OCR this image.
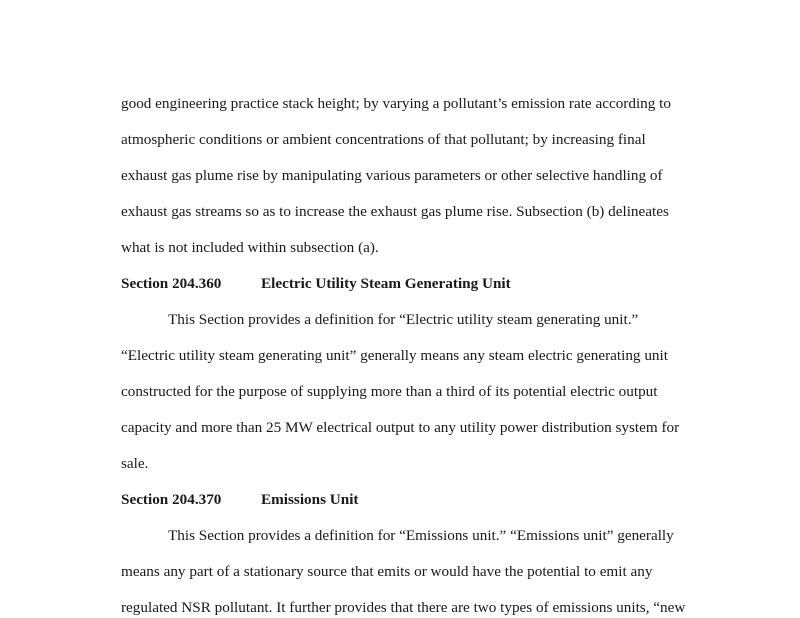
good engineering practice stack height; by varying a pollutant’s emission rate according to
atmospheric conditions or ambient concentrations of that pollutant; by increasing final
exhaust gas plume rise by manipulating various parameters or other selective handling of
exhaust gas streams so as to increase the exhaust gas plume rise. Subsection (b) delineates
what is not included within subsection (a).
Section 204.360	Electric Utility Steam Generating Unit
This Section provides a definition for “Electric utility steam generating unit.”
“Electric utility steam generating unit” generally means any steam electric generating unit
constructed for the purpose of supplying more than a third of its potential electric output
capacity and more than 25 MW electrical output to any utility power distribution system for
sale.
Section 204.370	Emissions Unit
This Section provides a definition for “Emissions unit.” “Emissions unit” generally
means any part of a stationary source that emits or would have the potential to emit any
regulated NSR pollutant. It further provides that there are two types of emissions units, “new
